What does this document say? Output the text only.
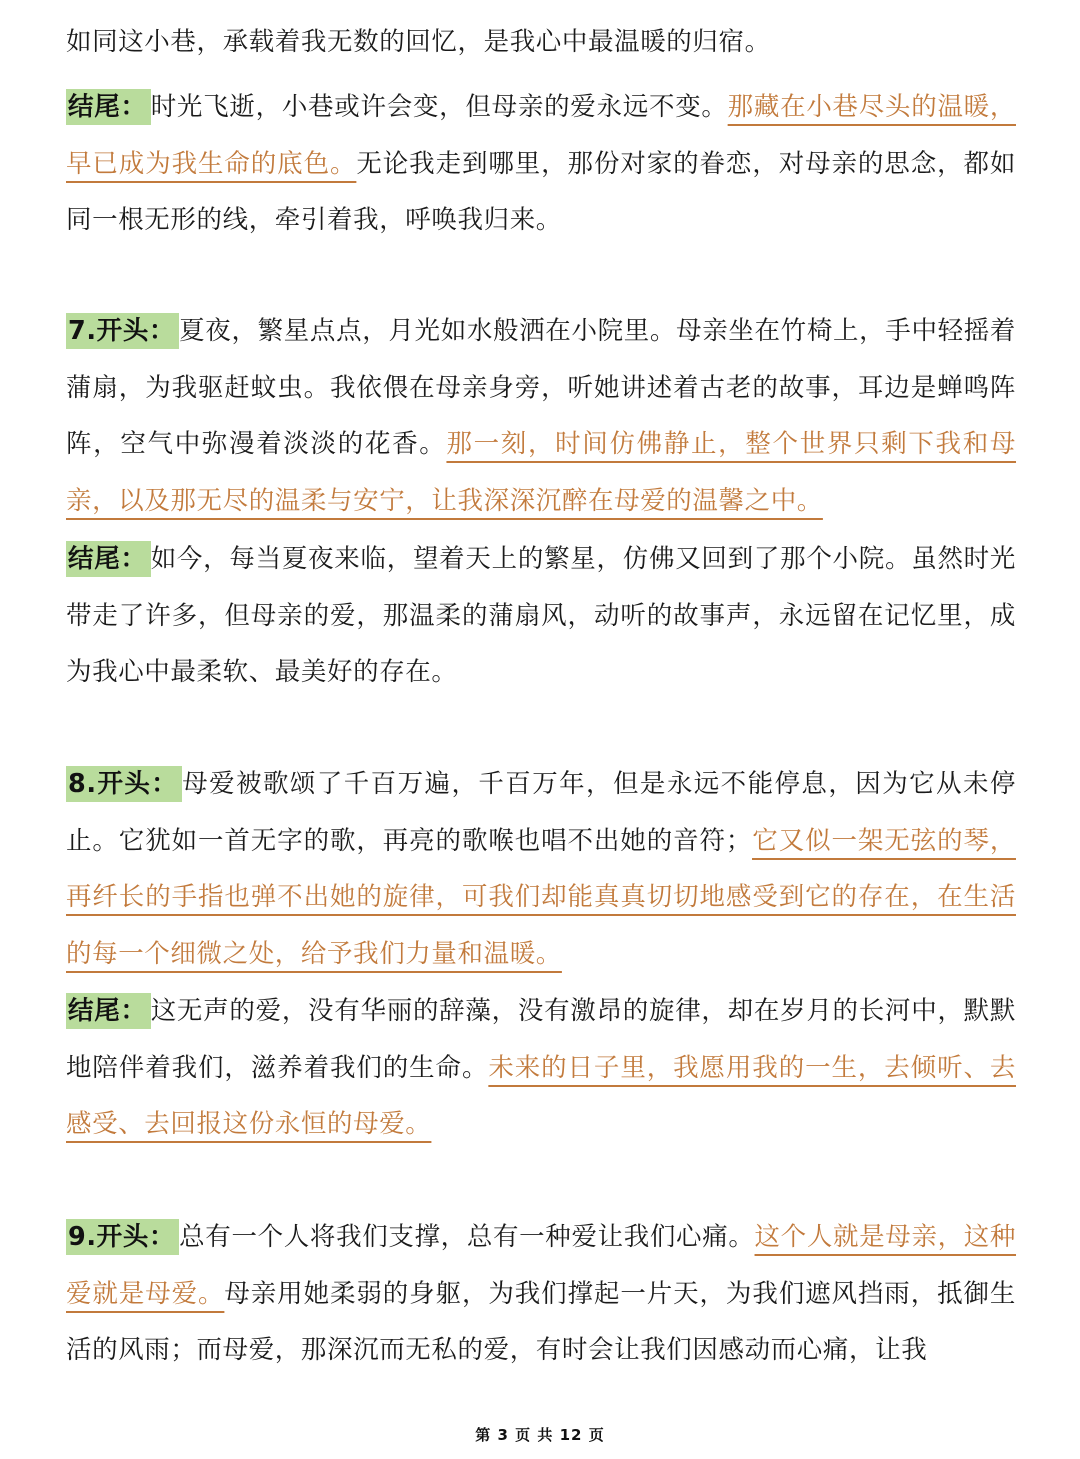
如同这小巷，承载着我无数的回忆，是我心中最温暖的归宿。
结尾： 时光飞逝，小巷或许会变，但母亲的爱永远不变。那藏在小巷尽头的温暖，早已成为我生命的底色。无论我走到哪里，那份对家的眷恋，对母亲的思念，都如同一根无形的线，牵引着我，呼唤我归来。
7.开头： 夏夜，繁星点点，月光如水般洒在小院里。母亲坐在竹椅上，手中轻摇着蒲扇，为我驱赶蚊虫。我依偎在母亲身旁，听她讲述着古老的故事，耳边是蝉鸣阵阵，空气中弥漫着淡淡的花香。那一刻，时间仿佛静止，整个世界只剩下我和母亲，以及那无尽的温柔与安宁，让我深深沉醉在母爱的温馨之中。
结尾： 如今，每当夏夜来临，望着天上的繁星，仿佛又回到了那个小院。虽然时光带走了许多，但母亲的爱，那温柔的蒲扇风，动听的故事声，永远留在记忆里，成为我心中最柔软、最美好的存在。
8.开头： 母爱被歌颂了千百万遍，千百万年，但是永远不能停息，因为它从未停止。它犹如一首无字的歌，再亮的歌喉也唱不出她的音符；它又似一架无弦的琴，再纤长的手指也弹不出她的旋律，可我们却能真真切切地感受到它的存在，在生活的每一个细微之处，给予我们力量和温暖。
结尾： 这无声的爱，没有华丽的辞藻，没有激昂的旋律，却在岁月的长河中，默默地陪伴着我们，滋养着我们的生命。未来的日子里，我愿用我的一生，去倾听、去感受、去回报这份永恒的母爱。
9.开头： 总有一个人将我们支撑，总有一种爱让我们心痛。这个人就是母亲，这种爱就是母爱。母亲用她柔弱的身躯，为我们撑起一片天，为我们遮风挡雨，抵御生活的风雨；而母爱，那深沉而无私的爱，有时会让我们因感动而心痛，让我
第 3 页 共 12 页
